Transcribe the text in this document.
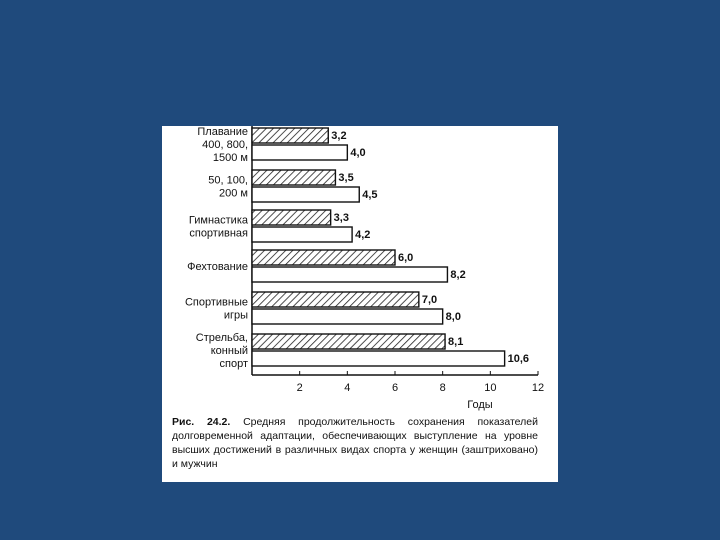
2	4	6	8	10	12
Годы
Плавание
400, 800,
1500 м
50, 100,
200 м
Гимнастика
спортивная
Фехтование
Спортивные
игры
Стрельба,
конный
спорт
3,2
3,5
3,3
6,0
7,0
8,1
4,0
4,5
4,2
8,2
8,0
10,6
Рис. 24.2. Средняя продолжительность сохранения показателей долговременной адаптации, обеспечивающих выступление на уровне высших достижений в различных видах спорта у женщин (заштриховано) и мужчин
